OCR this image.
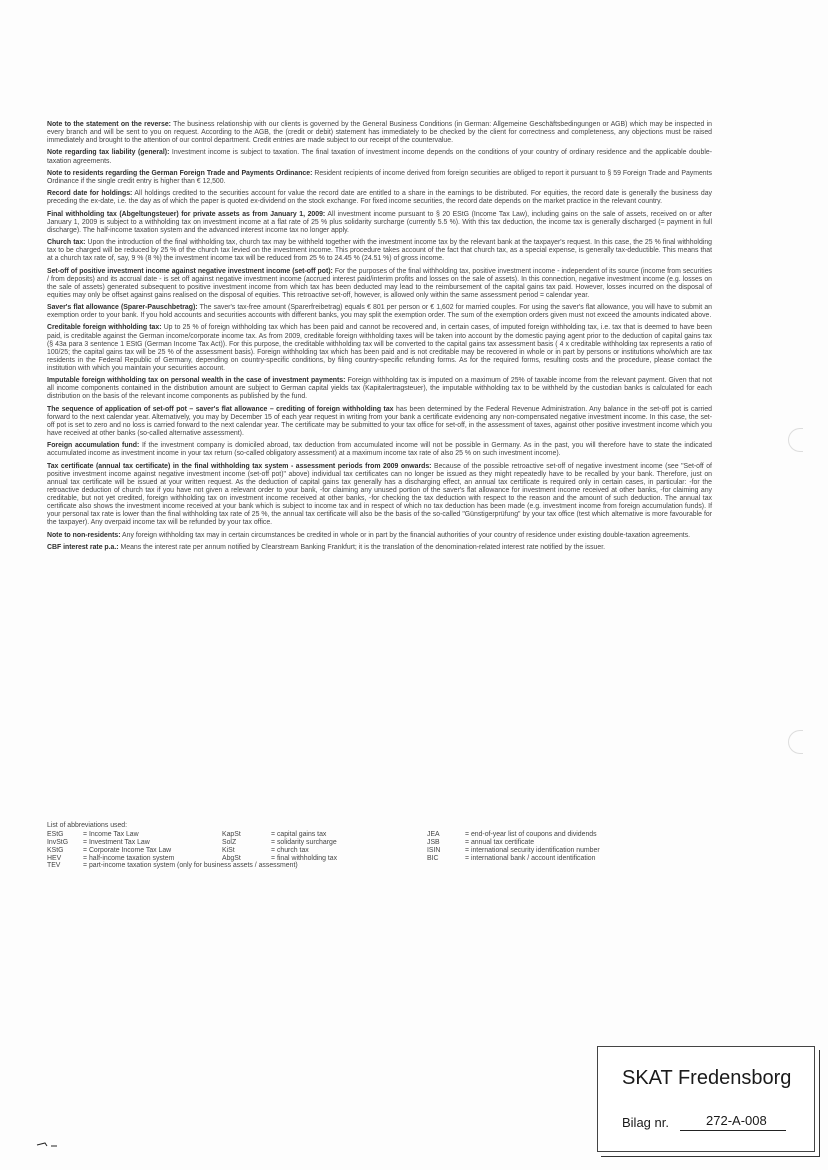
Note to the statement on the reverse: The business relationship with our clients is governed by the General Business Conditions (in German: Allgemeine Geschäftsbedingungen or AGB) which may be inspected in every branch and will be sent to you on request. According to the AGB, the (credit or debit) statement has immediately to be checked by the client for correctness and completeness, any objections must be raised immediately and brought to the attention of our control department. Credit entries are made subject to our receipt of the countervalue.

Note regarding tax liability (general): Investment income is subject to taxation. The final taxation of investment income depends on the conditions of your country of ordinary residence and the applicable double-taxation agreements.

Note to residents regarding the German Foreign Trade and Payments Ordinance: Resident recipients of income derived from foreign securities are obliged to report it pursuant to § 59 Foreign Trade and Payments Ordinance if the single credit entry is higher than € 12,500.

Record date for holdings: All holdings credited to the securities account for value the record date are entitled to a share in the earnings to be distributed. For equities, the record date is generally the business day preceding the ex-date, i.e. the day as of which the paper is quoted ex-dividend on the stock exchange. For fixed income securities, the record date depends on the market practice in the relevant country.

Final withholding tax (Abgeltungsteuer) for private assets as from January 1, 2009: All investment income pursuant to § 20 EStG (Income Tax Law), including gains on the sale of assets, received on or after January 1, 2009 is subject to a withholding tax on investment income at a flat rate of 25 % plus solidarity surcharge (currently 5.5 %). With this tax deduction, the income tax is generally discharged (= payment in full discharge). The half-income taxation system and the advanced interest income tax no longer apply.

Church tax: Upon the introduction of the final withholding tax, church tax may be withheld together with the investment income tax by the relevant bank at the taxpayer's request. In this case, the 25 % final withholding tax to be charged will be reduced by 25 % of the church tax levied on the investment income. This procedure takes account of the fact that church tax, as a special expense, is generally tax-deductible. This means that at a church tax rate of, say, 9 % (8 %) the investment income tax will be reduced from 25 % to 24.45 % (24.51 %) of gross income.

Set-off of positive investment income against negative investment income (set-off pot): For the purposes of the final withholding tax, positive investment income - independent of its source (income from securities / from deposits) and its accrual date - is set off against negative investment income (accrued interest paid/interim profits and losses on the sale of assets). In this connection, negative investment income (e.g. losses on the sale of assets) generated subsequent to positive investment income from which tax has been deducted may lead to the reimbursement of the capital gains tax paid. However, losses incurred on the disposal of equities may only be offset against gains realised on the disposal of equities. This retroactive set-off, however, is allowed only within the same assessment period = calendar year.

Saver's flat allowance (Sparer-Pauschbetrag): The saver's tax-free amount (Sparerfreibetrag) equals € 801 per person or € 1,602 for married couples. For using the saver's flat allowance, you will have to submit an exemption order to your bank. If you hold accounts and securities accounts with different banks, you may split the exemption order. The sum of the exemption orders given must not exceed the amounts indicated above.

Creditable foreign withholding tax: Up to 25 % of foreign withholding tax which has been paid and cannot be recovered and, in certain cases, of imputed foreign withholding tax, i.e. tax that is deemed to have been paid, is creditable against the German income/corporate income tax. As from 2009, creditable foreign withholding taxes will be taken into account by the domestic paying agent prior to the deduction of capital gains tax (§ 43a para 3 sentence 1 EStG (German Income Tax Act)). For this purpose, the creditable withholding tax will be converted to the capital gains tax assessment basis ( 4 x creditable withholding tax represents a ratio of 100/25; the capital gains tax will be 25 % of the assessment basis). Foreign withholding tax which has been paid and is not creditable may be recovered in whole or in part by persons or institutions who/which are tax residents in the Federal Republic of Germany, depending on country-specific conditions, by filing country-specific refunding forms. As for the required forms, resulting costs and the procedure, please contact the institution with which you maintain your securities account.

Imputable foreign withholding tax on personal wealth in the case of investment payments: Foreign withholding tax is imputed on a maximum of 25% of taxable income from the relevant payment. Given that not all income components contained in the distribution amount are subject to German capital yields tax (Kapitalertragsteuer), the imputable withholding tax to be withheld by the custodian banks is calculated for each distribution on the basis of the relevant income components as published by the fund.

The sequence of application of set-off pot – saver's flat allowance – crediting of foreign withholding tax has been determined by the Federal Revenue Administration. Any balance in the set-off pot is carried forward to the next calendar year. Alternatively, you may by December 15 of each year request in writing from your bank a certificate evidencing any non-compensated negative investment income. In this case, the set-off pot is set to zero and no loss is carried forward to the next calendar year. The certificate may be submitted to your tax office for set-off, in the assessment of taxes, against other positive investment income which you have received at other banks (so-called alternative assessment).

Foreign accumulation fund: If the investment company is domiciled abroad, tax deduction from accumulated income will not be possible in Germany. As in the past, you will therefore have to state the indicated accumulated income as investment income in your tax return (so-called obligatory assessment) at a maximum income tax rate of also 25 % on such investment income).

Tax certificate (annual tax certificate) in the final withholding tax system - assessment periods from 2009 onwards: Because of the possible retroactive set-off of negative investment income (see "Set-off of positive investment income against negative investment income (set-off pot)" above) individual tax certificates can no longer be issued as they might repeatedly have to be recalled by your bank. Therefore, just on annual tax certificate will be issued at your written request. As the deduction of capital gains tax generally has a discharging effect, an annual tax certificate is required only in certain cases, in particular: -for the retroactive deduction of church tax if you have not given a relevant order to your bank, -for claiming any unused portion of the saver's flat allowance for investment income received at other banks, -for claiming any creditable, but not yet credited, foreign withholding tax on investment income received at other banks, -for checking the tax deduction with respect to the reason and the amount of such deduction. The annual tax certificate also shows the investment income received at your bank which is subject to income tax and in respect of which no tax deduction has been made (e.g. investment income from foreign accumulation funds). If your personal tax rate is lower than the final withholding tax rate of 25 %, the annual tax certificate will also be the basis of the so-called "Günstigerprüfung" by your tax office (test which alternative is more favourable for the taxpayer). Any overpaid income tax will be refunded by your tax office.

Note to non-residents: Any foreign withholding tax may in certain circumstances be credited in whole or in part by the financial authorities of your country of residence under existing double-taxation agreements.

CBF interest rate p.a.: Means the interest rate per annum notified by Clearstream Banking Frankfurt; it is the translation of the denomination-related interest rate notified by the issuer.

List of abbreviations used:
EStG	= Income Tax Law	KapSt	= capital gains tax	JEA	= end-of-year list of coupons and dividends
InvStG = Investment Tax Law	SolZ	= solidarity surcharge	JSB	= annual tax certificate
KStG	= Corporate Income Tax Law	KiSt	= church tax	ISIN	= international security identification number
HEV	= half-income taxation system	AbgSt	= final withholding tax	BIC	= international bank / account identification
TEV	= part-income taxation system (only for business assets / assessment)
SKAT Fredensborg
Bilag nr.	272-A-008
